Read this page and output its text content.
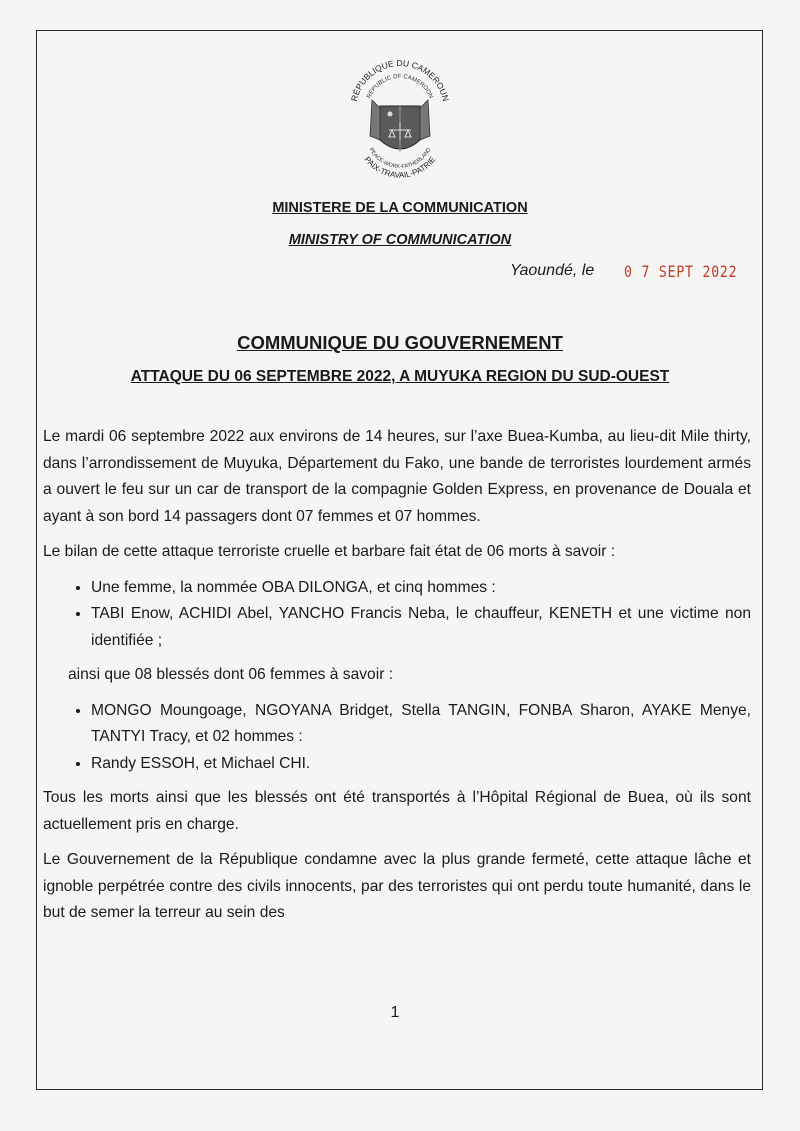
RÉPUBLIQUE DU CAMEROUN
REPUBLIC OF CAMEROON
PEACE-WORK-FATHERLAND
PAIX-TRAVAIL-PATRIE
MINISTERE DE LA COMMUNICATION
MINISTRY OF COMMUNICATION
Yaoundé, le 0 7 SEPT 2022
COMMUNIQUE DU GOUVERNEMENT
ATTAQUE DU 06 SEPTEMBRE 2022, A MUYUKA REGION DU SUD-OUEST

Le mardi 06 septembre 2022 aux environs de 14 heures, sur l’axe Buea-Kumba, au lieu-dit Mile thirty, dans l’arrondissement de Muyuka, Département du Fako, une bande de terroristes lourdement armés a ouvert le feu sur un car de transport de la compagnie Golden Express, en provenance de Douala et ayant à son bord 14 passagers dont 07 femmes et 07 hommes.

Le bilan de cette attaque terroriste cruelle et barbare fait état de 06 morts à savoir :

• Une femme, la nommée OBA DILONGA, et cinq hommes :
• TABI Enow, ACHIDI Abel, YANCHO Francis Neba, le chauffeur, KENETH et une victime non identifiée ;

ainsi que 08 blessés dont 06 femmes à savoir :

• MONGO Moungoage, NGOYANA Bridget, Stella TANGIN, FONBA Sharon, AYAKE Menye, TANTYI Tracy, et 02 hommes :
• Randy ESSOH, et Michael CHI.

Tous les morts ainsi que les blessés ont été transportés à l’Hôpital Régional de Buea, où ils sont actuellement pris en charge.

Le Gouvernement de la République condamne avec la plus grande fermeté, cette attaque lâche et ignoble perpétrée contre des civils innocents, par des terroristes qui ont perdu toute humanité, dans le but de semer la terreur au sein des

1
